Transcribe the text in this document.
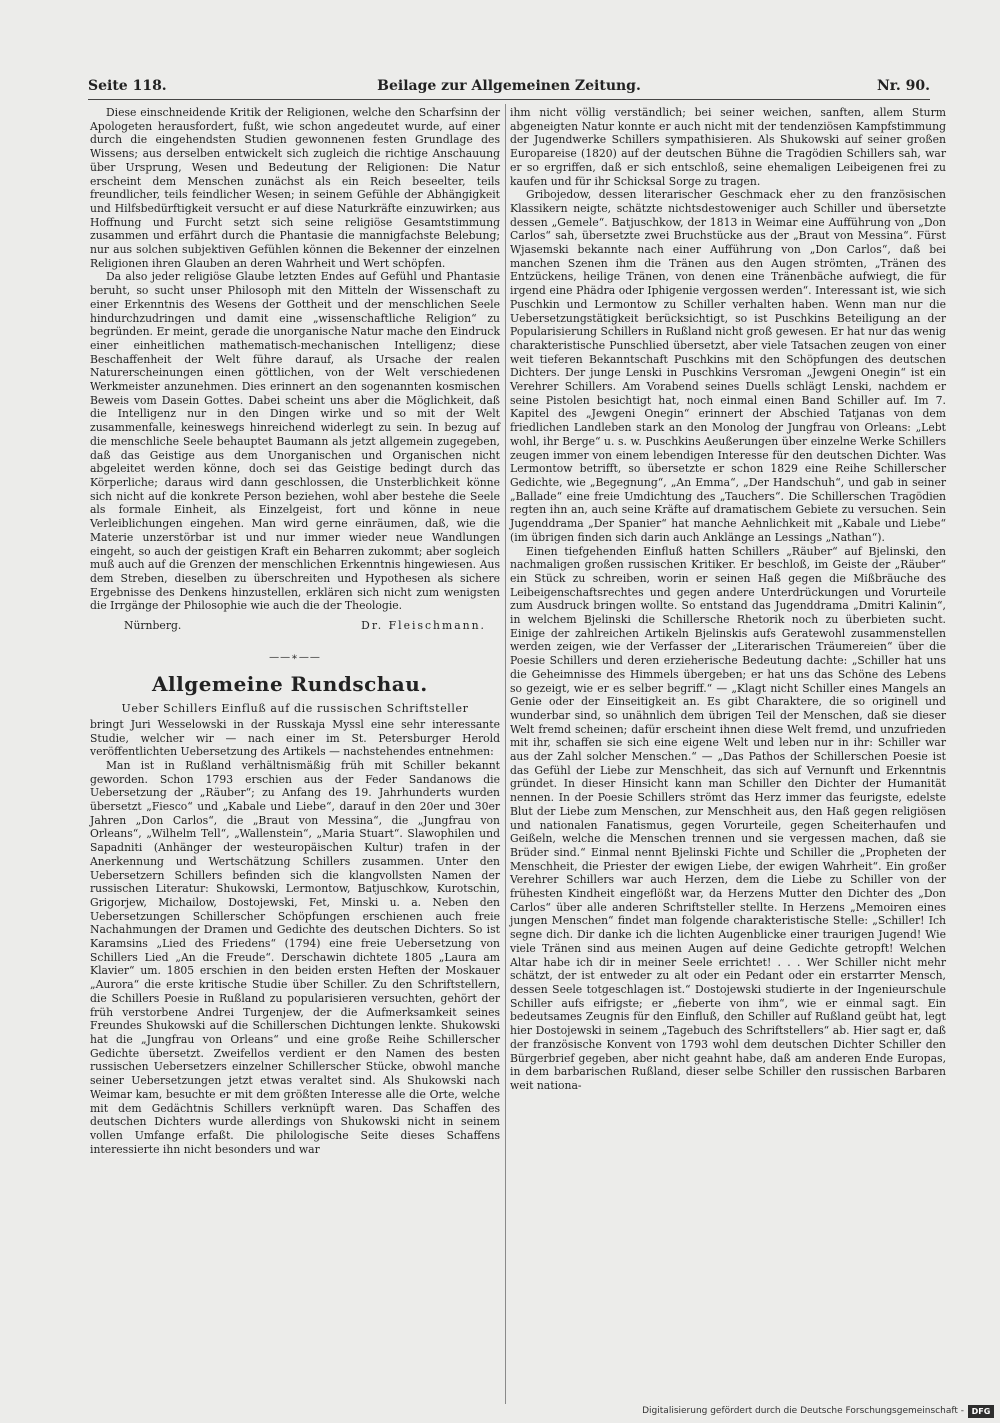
Seite 118.	Beilage zur Allgemeinen Zeitung.	Nr. 90.

Diese einschneidende Kritik der Religionen, welche den Scharfsinn der Apologeten herausfordert, fußt, wie schon angedeutet wurde, auf einer durch die eingehendsten Studien gewonnenen festen Grundlage des Wissens; aus derselben entwickelt sich zugleich die richtige Anschauung über Ursprung, Wesen und Bedeutung der Religionen: Die Natur erscheint dem Menschen zunächst als ein Reich beseelter, teils freundlicher, teils feindlicher Wesen; in seinem Gefühle der Abhängigkeit und Hilfsbedürftigkeit versucht er auf diese Naturkräfte einzuwirken; aus Hoffnung und Furcht setzt sich seine religiöse Gesamtstimmung zusammen und erfährt durch die Phantasie die mannigfachste Belebung; nur aus solchen subjektiven Gefühlen können die Bekenner der einzelnen Religionen ihren Glauben an deren Wahrheit und Wert schöpfen.

Da also jeder religiöse Glaube letzten Endes auf Gefühl und Phantasie beruht, so sucht unser Philosoph mit den Mitteln der Wissenschaft zu einer Erkenntnis des Wesens der Gottheit und der menschlichen Seele hindurchzudringen und damit eine „wissenschaftliche Religion“ zu begründen. Er meint, gerade die unorganische Natur mache den Eindruck einer einheitlichen mathematisch-mechanischen Intelligenz; diese Beschaffenheit der Welt führe darauf, als Ursache der realen Naturerscheinungen einen göttlichen, von der Welt verschiedenen Werkmeister anzunehmen. Dies erinnert an den sogenannten kosmischen Beweis vom Dasein Gottes. Dabei scheint uns aber die Möglichkeit, daß die Intelligenz nur in den Dingen wirke und so mit der Welt zusammenfalle, keineswegs hinreichend widerlegt zu sein. In bezug auf die menschliche Seele behauptet Baumann als jetzt allgemein zugegeben, daß das Geistige aus dem Unorganischen und Organischen nicht abgeleitet werden könne, doch sei das Geistige bedingt durch das Körperliche; daraus wird dann geschlossen, die Unsterblichkeit könne sich nicht auf die konkrete Person beziehen, wohl aber bestehe die Seele als formale Einheit, als Einzelgeist, fort und könne in neue Verleiblichungen eingehen. Man wird gerne einräumen, daß, wie die Materie unzerstörbar ist und nur immer wieder neue Wandlungen eingeht, so auch der geistigen Kraft ein Beharren zukommt; aber sogleich muß auch auf die Grenzen der menschlichen Erkenntnis hingewiesen. Aus dem Streben, dieselben zu überschreiten und Hypothesen als sichere Ergebnisse des Denkens hinzustellen, erklären sich nicht zum wenigsten die Irrgänge der Philosophie wie auch die der Theologie.

Nürnberg.	Dr. Fleischmann.
——∗——
Allgemeine Rundschau.
Ueber Schillers Einfluß auf die russischen Schriftsteller

bringt Juri Wesselowski in der Russkaja Myssl eine sehr interessante Studie, welcher wir — nach einer im St. Petersburger Herold veröffentlichten Uebersetzung des Artikels — nachstehendes entnehmen:

Man ist in Rußland verhältnismäßig früh mit Schiller bekannt geworden. Schon 1793 erschien aus der Feder Sandanows die Uebersetzung der „Räuber“; zu Anfang des 19. Jahrhunderts wurden übersetzt „Fiesco“ und „Kabale und Liebe“, darauf in den 20er und 30er Jahren „Don Carlos“, die „Braut von Messina“, die „Jungfrau von Orleans“, „Wilhelm Tell“, „Wallenstein“, „Maria Stuart“. Slawophilen und Sapadniti (Anhänger der westeuropäischen Kultur) trafen in der Anerkennung und Wertschätzung Schillers zusammen. Unter den Uebersetzern Schillers befinden sich die klangvollsten Namen der russischen Literatur: Shukowski, Lermontow, Batjuschkow, Kurotschin, Grigorjew, Michailow, Dostojewski, Fet, Minski u. a. Neben den Uebersetzungen Schillerscher Schöpfungen erschienen auch freie Nachahmungen der Dramen und Gedichte des deutschen Dichters. So ist Karamsins „Lied des Friedens“ (1794) eine freie Uebersetzung von Schillers Lied „An die Freude“. Derschawin dichtete 1805 „Laura am Klavier“ um. 1805 erschien in den beiden ersten Heften der Moskauer „Aurora“ die erste kritische Studie über Schiller. Zu den Schriftstellern, die Schillers Poesie in Rußland zu popularisieren versuchten, gehört der früh verstorbene Andrei Turgenjew, der die Aufmerksamkeit seines Freundes Shukowski auf die Schillerschen Dichtungen lenkte. Shukowski hat die „Jungfrau von Orleans“ und eine große Reihe Schillerscher Gedichte übersetzt. Zweifellos verdient er den Namen des besten russischen Uebersetzers einzelner Schillerscher Stücke, obwohl manche seiner Uebersetzungen jetzt etwas veraltet sind. Als Shukowski nach Weimar kam, besuchte er mit dem größten Interesse alle die Orte, welche mit dem Gedächtnis Schillers verknüpft waren. Das Schaffen des deutschen Dichters wurde allerdings von Shukowski nicht in seinem vollen Umfange erfaßt. Die philologische Seite dieses Schaffens interessierte ihn nicht besonders und war

ihm nicht völlig verständlich; bei seiner weichen, sanften, allem Sturm abgeneigten Natur konnte er auch nicht mit der tendenziösen Kampfstimmung der Jugendwerke Schillers sympathisieren. Als Shukowski auf seiner großen Europareise (1820) auf der deutschen Bühne die Tragödien Schillers sah, war er so ergriffen, daß er sich entschloß, seine ehemaligen Leibeigenen frei zu kaufen und für ihr Schicksal Sorge zu tragen.

Gribojedow, dessen literarischer Geschmack eher zu den französischen Klassikern neigte, schätzte nichtsdestoweniger auch Schiller und übersetzte dessen „Gemele“. Batjuschkow, der 1813 in Weimar eine Aufführung von „Don Carlos“ sah, übersetzte zwei Bruchstücke aus der „Braut von Messina“. Fürst Wjasemski bekannte nach einer Aufführung von „Don Carlos“, daß bei manchen Szenen ihm die Tränen aus den Augen strömten, „Tränen des Entzückens, heilige Tränen, von denen eine Tränenbäche aufwiegt, die für irgend eine Phädra oder Iphigenie vergossen werden“. Interessant ist, wie sich Puschkin und Lermontow zu Schiller verhalten haben. Wenn man nur die Uebersetzungstätigkeit berücksichtigt, so ist Puschkins Beteiligung an der Popularisierung Schillers in Rußland nicht groß gewesen. Er hat nur das wenig charakteristische Punschlied übersetzt, aber viele Tatsachen zeugen von einer weit tieferen Bekanntschaft Puschkins mit den Schöpfungen des deutschen Dichters. Der junge Lenski in Puschkins Versroman „Jewgeni Onegin“ ist ein Verehrer Schillers. Am Vorabend seines Duells schlägt Lenski, nachdem er seine Pistolen besichtigt hat, noch einmal einen Band Schiller auf. Im 7. Kapitel des „Jewgeni Onegin“ erinnert der Abschied Tatjanas von dem friedlichen Landleben stark an den Monolog der Jungfrau von Orleans: „Lebt wohl, ihr Berge“ u. s. w. Puschkins Aeußerungen über einzelne Werke Schillers zeugen immer von einem lebendigen Interesse für den deutschen Dichter. Was Lermontow betrifft, so übersetzte er schon 1829 eine Reihe Schillerscher Gedichte, wie „Begegnung“, „An Emma“, „Der Handschuh“, und gab in seiner „Ballade“ eine freie Umdichtung des „Tauchers“. Die Schillerschen Tragödien regten ihn an, auch seine Kräfte auf dramatischem Gebiete zu versuchen. Sein Jugenddrama „Der Spanier“ hat manche Aehnlichkeit mit „Kabale und Liebe“ (im übrigen finden sich darin auch Anklänge an Lessings „Nathan“).

Einen tiefgehenden Einfluß hatten Schillers „Räuber“ auf Bjelinski, den nachmaligen großen russischen Kritiker. Er beschloß, im Geiste der „Räuber“ ein Stück zu schreiben, worin er seinen Haß gegen die Mißbräuche des Leibeigenschaftsrechtes und gegen andere Unterdrückungen und Vorurteile zum Ausdruck bringen wollte. So entstand das Jugenddrama „Dmitri Kalinin“, in welchem Bjelinski die Schillersche Rhetorik noch zu überbieten sucht. Einige der zahlreichen Artikeln Bjelinskis aufs Geratewohl zusammenstellen werden zeigen, wie der Verfasser der „Literarischen Träumereien“ über die Poesie Schillers und deren erzieherische Bedeutung dachte: „Schiller hat uns die Geheimnisse des Himmels übergeben; er hat uns das Schöne des Lebens so gezeigt, wie er es selber begriff.“ — „Klagt nicht Schiller eines Mangels an Genie oder der Einseitigkeit an. Es gibt Charaktere, die so originell und wunderbar sind, so unähnlich dem übrigen Teil der Menschen, daß sie dieser Welt fremd scheinen; dafür erscheint ihnen diese Welt fremd, und unzufrieden mit ihr, schaffen sie sich eine eigene Welt und leben nur in ihr: Schiller war aus der Zahl solcher Menschen.“ — „Das Pathos der Schillerschen Poesie ist das Gefühl der Liebe zur Menschheit, das sich auf Vernunft und Erkenntnis gründet. In dieser Hinsicht kann man Schiller den Dichter der Humanität nennen. In der Poesie Schillers strömt das Herz immer das feurigste, edelste Blut der Liebe zum Menschen, zur Menschheit aus, den Haß gegen religiösen und nationalen Fanatismus, gegen Vorurteile, gegen Scheiterhaufen und Geißeln, welche die Menschen trennen und sie vergessen machen, daß sie Brüder sind.“ Einmal nennt Bjelinski Fichte und Schiller die „Propheten der Menschheit, die Priester der ewigen Liebe, der ewigen Wahrheit“. Ein großer Verehrer Schillers war auch Herzen, dem die Liebe zu Schiller von der frühesten Kindheit eingeflößt war, da Herzens Mutter den Dichter des „Don Carlos“ über alle anderen Schriftsteller stellte. In Herzens „Memoiren eines jungen Menschen“ findet man folgende charakteristische Stelle: „Schiller! Ich segne dich. Dir danke ich die lichten Augenblicke einer traurigen Jugend! Wie viele Tränen sind aus meinen Augen auf deine Gedichte getropft! Welchen Altar habe ich dir in meiner Seele errichtet! . . . Wer Schiller nicht mehr schätzt, der ist entweder zu alt oder ein Pedant oder ein erstarrter Mensch, dessen Seele totgeschlagen ist.“ Dostojewski studierte in der Ingenieurschule Schiller aufs eifrigste; er „fieberte von ihm“, wie er einmal sagt. Ein bedeutsames Zeugnis für den Einfluß, den Schiller auf Rußland geübt hat, legt hier Dostojewski in seinem „Tagebuch des Schriftstellers“ ab. Hier sagt er, daß der französische Konvent von 1793 wohl dem deutschen Dichter Schiller den Bürgerbrief gegeben, aber nicht geahnt habe, daß am anderen Ende Europas, in dem barbarischen Rußland, dieser selbe Schiller den russischen Barbaren weit nationa-

Digitalisierung gefördert durch die Deutsche Forschungsgemeinschaft - DFG
